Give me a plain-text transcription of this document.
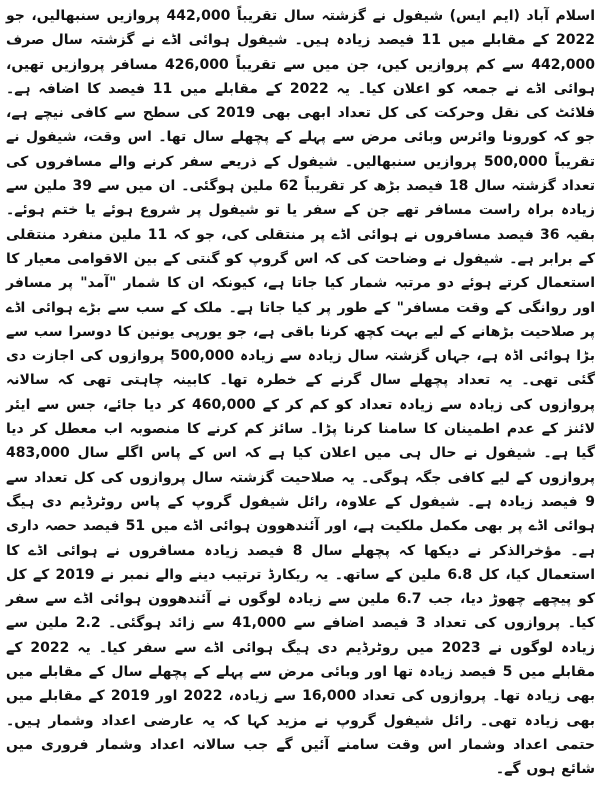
اسلام آباد (ایم ایس) شیفول نے گزشتہ سال تقریباً 442,000 پروازیں سنبھالیں، جو 2022 کے مقابلے میں 11 فیصد زیادہ ہیں۔ شیفول ہوائی اڈے نے گزشتہ سال صرف 442,000 سے کم پروازیں کیں، جن میں سے تقریباً 426,000 مسافر پروازیں تھیں، ہوائی اڈے نے جمعہ کو اعلان کیا۔ یہ 2022 کے مقابلے میں 11 فیصد کا اضافہ ہے۔ فلائٹ کی نقل وحرکت کی کل تعداد ابھی بھی 2019 کی سطح سے کافی نیچے ہے، جو کہ کورونا وائرس وبائی مرض سے پہلے کے پچھلے سال تھا۔ اس وقت، شیفول نے تقریباً 500,000 پروازیں سنبھالیں۔ شیفول کے ذریعے سفر کرنے والے مسافروں کی تعداد گزشتہ سال 18 فیصد بڑھ کر تقریباً 62 ملین ہوگئی۔ ان میں سے 39 ملین سے زیادہ براہ راست مسافر تھے جن کے سفر یا تو شیفول پر شروع ہوئے یا ختم ہوئے۔ بقیہ 36 فیصد مسافروں نے ہوائی اڈے پر منتقلی کی، جو کہ 11 ملین منفرد منتقلی کے برابر ہے۔ شیفول نے وضاحت کی کہ اس گروپ کو گنتی کے بین الاقوامی معیار کا استعمال کرتے ہوئے دو مرتبہ شمار کیا جاتا ہے، کیونکہ ان کا شمار "آمد" پر مسافر اور روانگی کے وقت مسافر" کے طور پر کیا جاتا ہے۔ ملک کے سب سے بڑے ہوائی اڈے پر صلاحیت بڑھانے کے لیے بہت کچھ کرنا باقی ہے، جو یورپی یونین کا دوسرا سب سے بڑا ہوائی اڈہ ہے، جہاں گزشتہ سال زیادہ سے زیادہ 500,000 پروازوں کی اجازت دی گئی تھی۔ یہ تعداد پچھلے سال گرنے کے خطرہ تھا۔ کابینہ چاہتی تھی کہ سالانہ پروازوں کی زیادہ سے زیادہ تعداد کو کم کر کے 460,000 کر دیا جائے، جس سے ایئر لائنز کے عدم اطمینان کا سامنا کرنا پڑا۔ سائز کم کرنے کا منصوبہ اب معطل کر دیا گیا ہے۔ شیفول نے حال ہی میں اعلان کیا ہے کہ اس کے پاس اگلے سال 483,000 پروازوں کے لیے کافی جگہ ہوگی۔ یہ صلاحیت گزشتہ سال پروازوں کی کل تعداد سے 9 فیصد زیادہ ہے۔ شیفول کے علاوہ، رائل شیفول گروپ کے پاس روٹرڈیم دی ہیگ ہوائی اڈے پر بھی مکمل ملکیت ہے، اور آئندھوون ہوائی اڈے میں 51 فیصد حصہ داری ہے۔ مؤخرالذکر نے دیکھا کہ پچھلے سال 8 فیصد زیادہ مسافروں نے ہوائی اڈے کا استعمال کیا، کل 6.8 ملین کے ساتھ۔ یہ ریکارڈ ترتیب دینے والے نمبر نے 2019 کے کل کو پیچھے چھوڑ دیا، جب 6.7 ملین سے زیادہ لوگوں نے آئندھوون ہوائی اڈے سے سفر کیا۔ پروازوں کی تعداد 3 فیصد اضافے سے 41,000 سے زائد ہوگئی۔ 2.2 ملین سے زیادہ لوگوں نے 2023 میں روٹرڈیم دی ہیگ ہوائی اڈے سے سفر کیا۔ یہ 2022 کے مقابلے میں 5 فیصد زیادہ تھا اور وبائی مرض سے پہلے کے پچھلے سال کے مقابلے میں بھی زیادہ تھا۔ پروازوں کی تعداد 16,000 سے زیادہ، 2022 اور 2019 کے مقابلے میں بھی زیادہ تھی۔ رائل شیفول گروپ نے مزید کہا کہ یہ عارضی اعداد وشمار ہیں۔ حتمی اعداد وشمار اس وقت سامنے آئیں گے جب سالانہ اعداد وشمار فروری میں شائع ہوں گے۔
